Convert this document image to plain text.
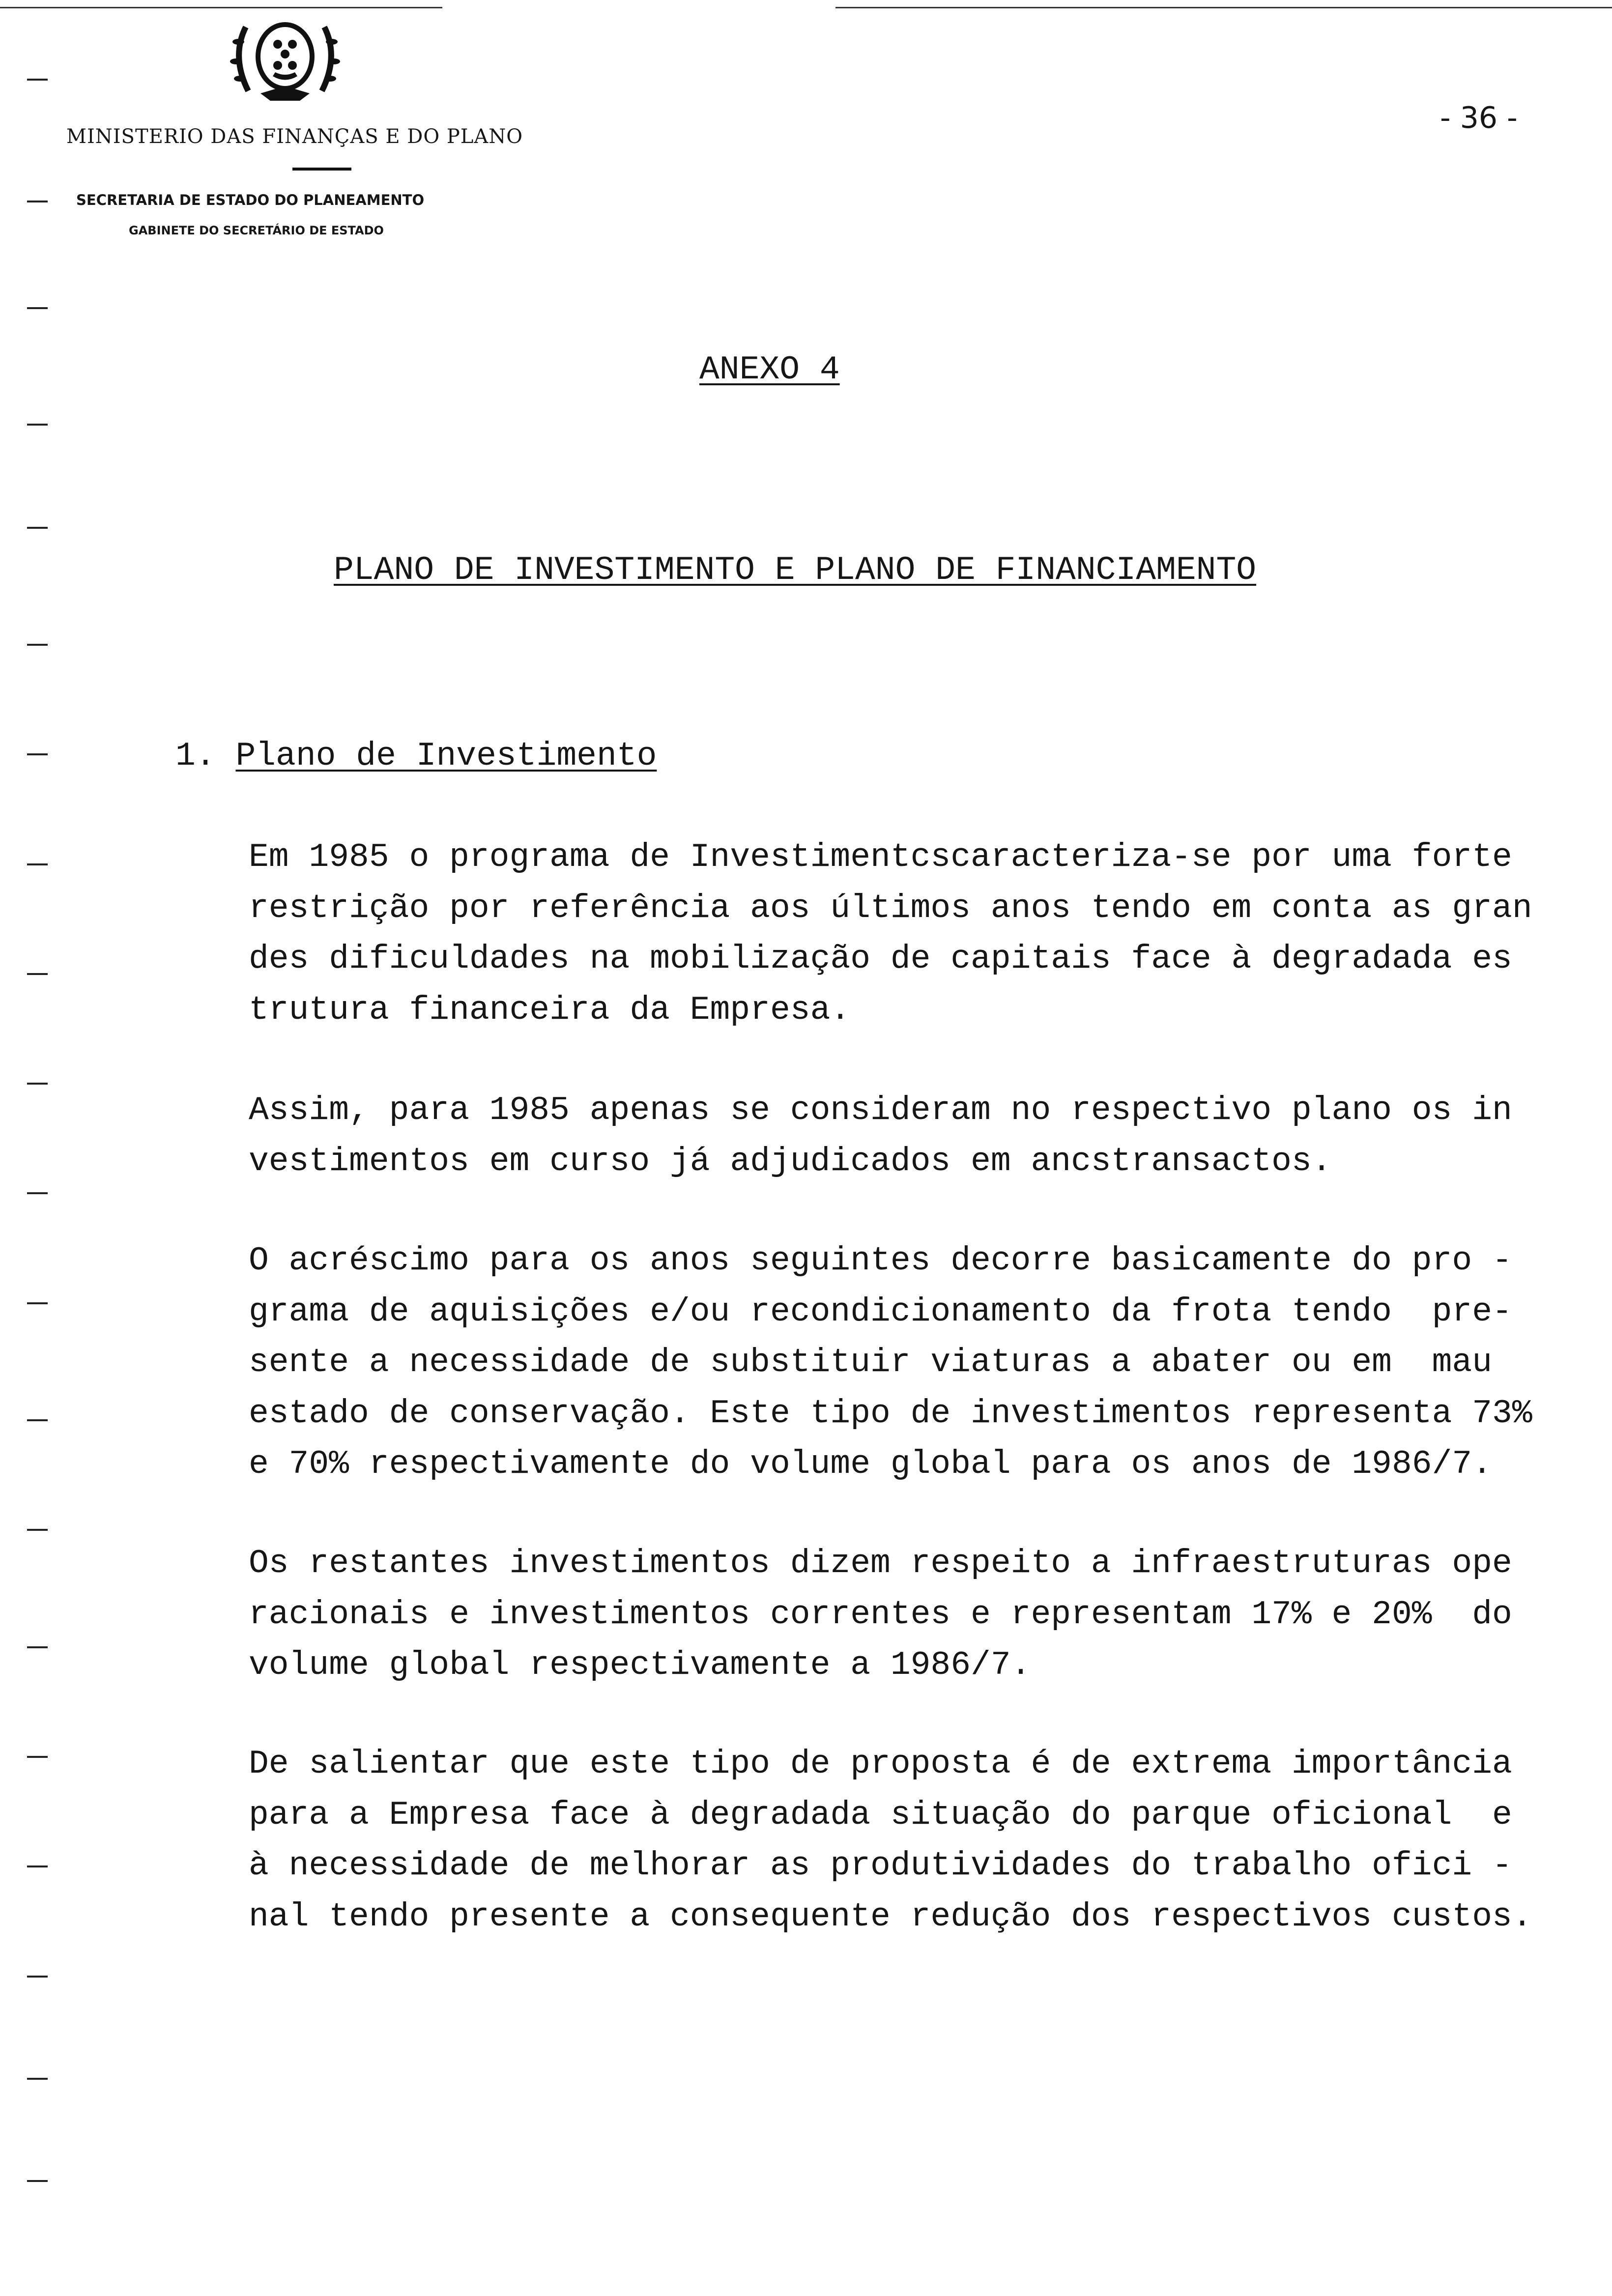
MINISTERIO DAS FINANÇAS E DO PLANO
SECRETARIA DE ESTADO DO PLANEAMENTO
GABINETE DO SECRETÁRIO DE ESTADO
- 36 -
ANEXO 4
PLANO DE INVESTIMENTO E PLANO DE FINANCIAMENTO
1. Plano de Investimento
Em 1985 o programa de Investimentcscaracteriza-se por uma forte
restrição por referência aos últimos anos tendo em conta as gran
des dificuldades na mobilização de capitais face à degradada es
trutura financeira da Empresa.
Assim, para 1985 apenas se consideram no respectivo plano os in
vestimentos em curso já adjudicados em ancstransactos.
O acréscimo para os anos seguintes decorre basicamente do pro -
grama de aquisições e/ou recondicionamento da frota tendo  pre-
sente a necessidade de substituir viaturas a abater ou em  mau
estado de conservação. Este tipo de investimentos representa 73%
e 70% respectivamente do volume global para os anos de 1986/7.
Os restantes investimentos dizem respeito a infraestruturas ope
racionais e investimentos correntes e representam 17% e 20%  do
volume global respectivamente a 1986/7.
De salientar que este tipo de proposta é de extrema importância
para a Empresa face à degradada situação do parque oficional  e
à necessidade de melhorar as produtividades do trabalho ofici -
nal tendo presente a consequente redução dos respectivos custos.
